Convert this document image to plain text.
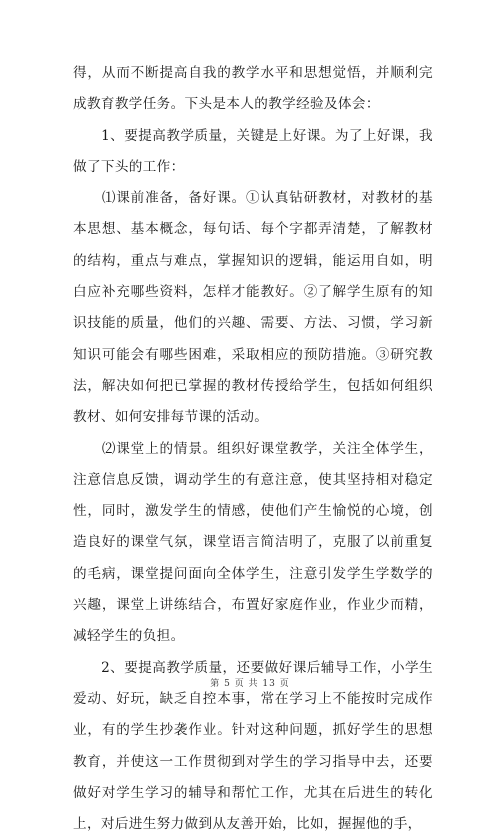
得，从而不断提高自我的教学水平和思想觉悟，并顺利完成教育教学任务。下头是本人的教学经验及体会：

　　1、要提高教学质量，关键是上好课。为了上好课，我做了下头的工作：

　　⑴课前准备，备好课。①认真钻研教材，对教材的基本思想、基本概念，每句话、每个字都弄清楚，了解教材的结构，重点与难点，掌握知识的逻辑，能运用自如，明白应补充哪些资料，怎样才能教好。②了解学生原有的知识技能的质量，他们的兴趣、需要、方法、习惯，学习新知识可能会有哪些困难，采取相应的预防措施。③研究教法，解决如何把已掌握的教材传授给学生，包括如何组织教材、如何安排每节课的活动。

　　⑵课堂上的情景。组织好课堂教学，关注全体学生，注意信息反馈，调动学生的有意注意，使其坚持相对稳定性，同时，激发学生的情感，使他们产生愉悦的心境，创造良好的课堂气氛，课堂语言简洁明了，克服了以前重复的毛病，课堂提问面向全体学生，注意引发学生学数学的兴趣，课堂上讲练结合，布置好家庭作业，作业少而精，减轻学生的负担。

　　2、要提高教学质量，还要做好课后辅导工作，小学生爱动、好玩，缺乏自控本事，常在学习上不能按时完成作业，有的学生抄袭作业。针对这种问题，抓好学生的思想教育，并使这一工作贯彻到对学生的学习指导中去，还要做好对学生学习的辅导和帮忙工作，尤其在后进生的转化上，对后进生努力做到从友善开始，比如，握握他的手，

第 5 页 共 13 页
